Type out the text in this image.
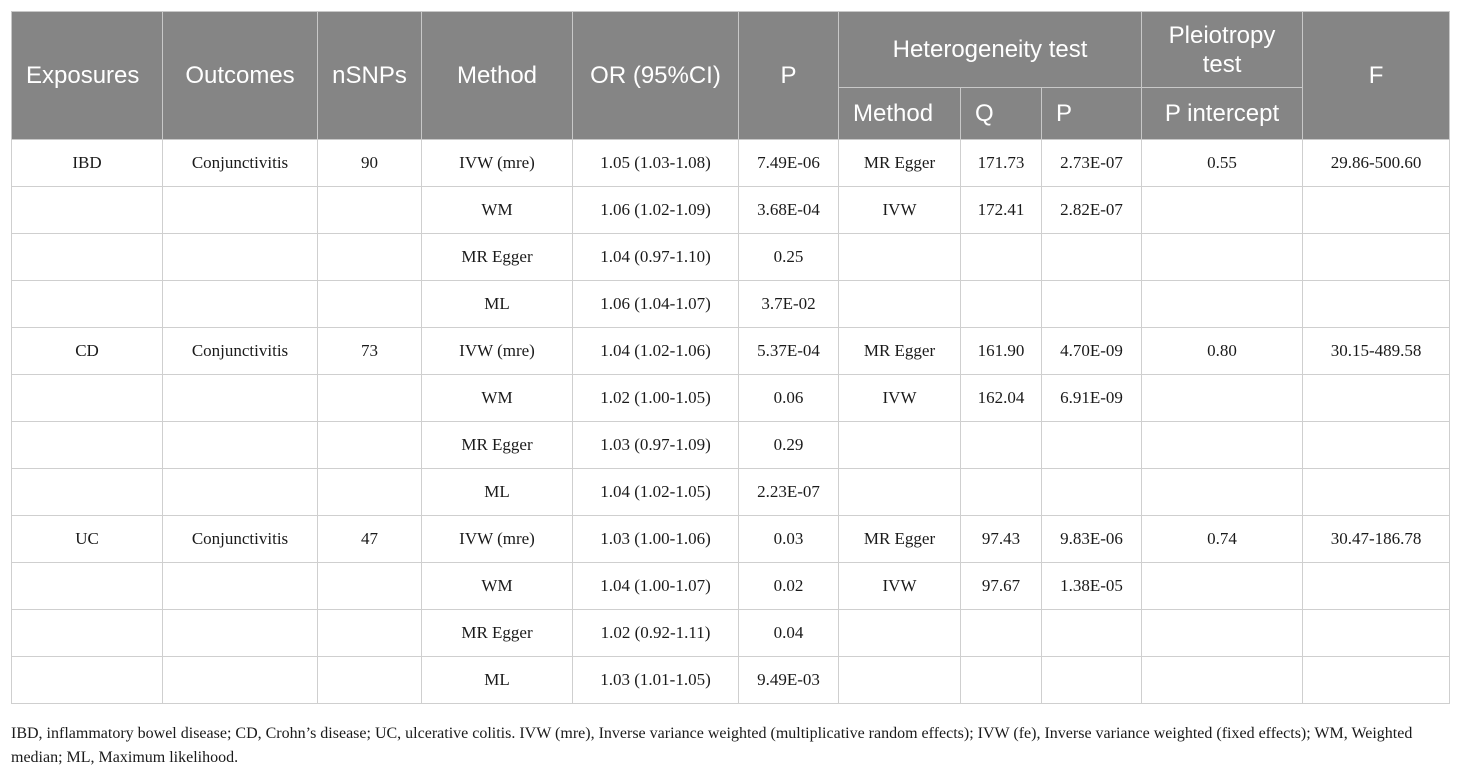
Exposures	Outcomes	nSNPs	Method	OR (95%CI)	P	Heterogeneity test			Pleiotropy test	F
						Method	Q	P	P intercept	
IBD	Conjunctivitis	90	IVW (mre)	1.05 (1.03-1.08)	7.49E-06	MR Egger	171.73	2.73E-07	0.55	29.86-500.60
			WM	1.06 (1.02-1.09)	3.68E-04	IVW	172.41	2.82E-07		
			MR Egger	1.04 (0.97-1.10)	0.25					
			ML	1.06 (1.04-1.07)	3.7E-02					
CD	Conjunctivitis	73	IVW (mre)	1.04 (1.02-1.06)	5.37E-04	MR Egger	161.90	4.70E-09	0.80	30.15-489.58
			WM	1.02 (1.00-1.05)	0.06	IVW	162.04	6.91E-09		
			MR Egger	1.03 (0.97-1.09)	0.29					
			ML	1.04 (1.02-1.05)	2.23E-07					
UC	Conjunctivitis	47	IVW (mre)	1.03 (1.00-1.06)	0.03	MR Egger	97.43	9.83E-06	0.74	30.47-186.78
			WM	1.04 (1.00-1.07)	0.02	IVW	97.67	1.38E-05		
			MR Egger	1.02 (0.92-1.11)	0.04					
			ML	1.03 (1.01-1.05)	9.49E-03					
IBD, inflammatory bowel disease; CD, Crohn’s disease; UC, ulcerative colitis. IVW (mre), Inverse variance weighted (multiplicative random effects); IVW (fe), Inverse variance weighted (fixed effects); WM, Weighted median; ML, Maximum likelihood.
